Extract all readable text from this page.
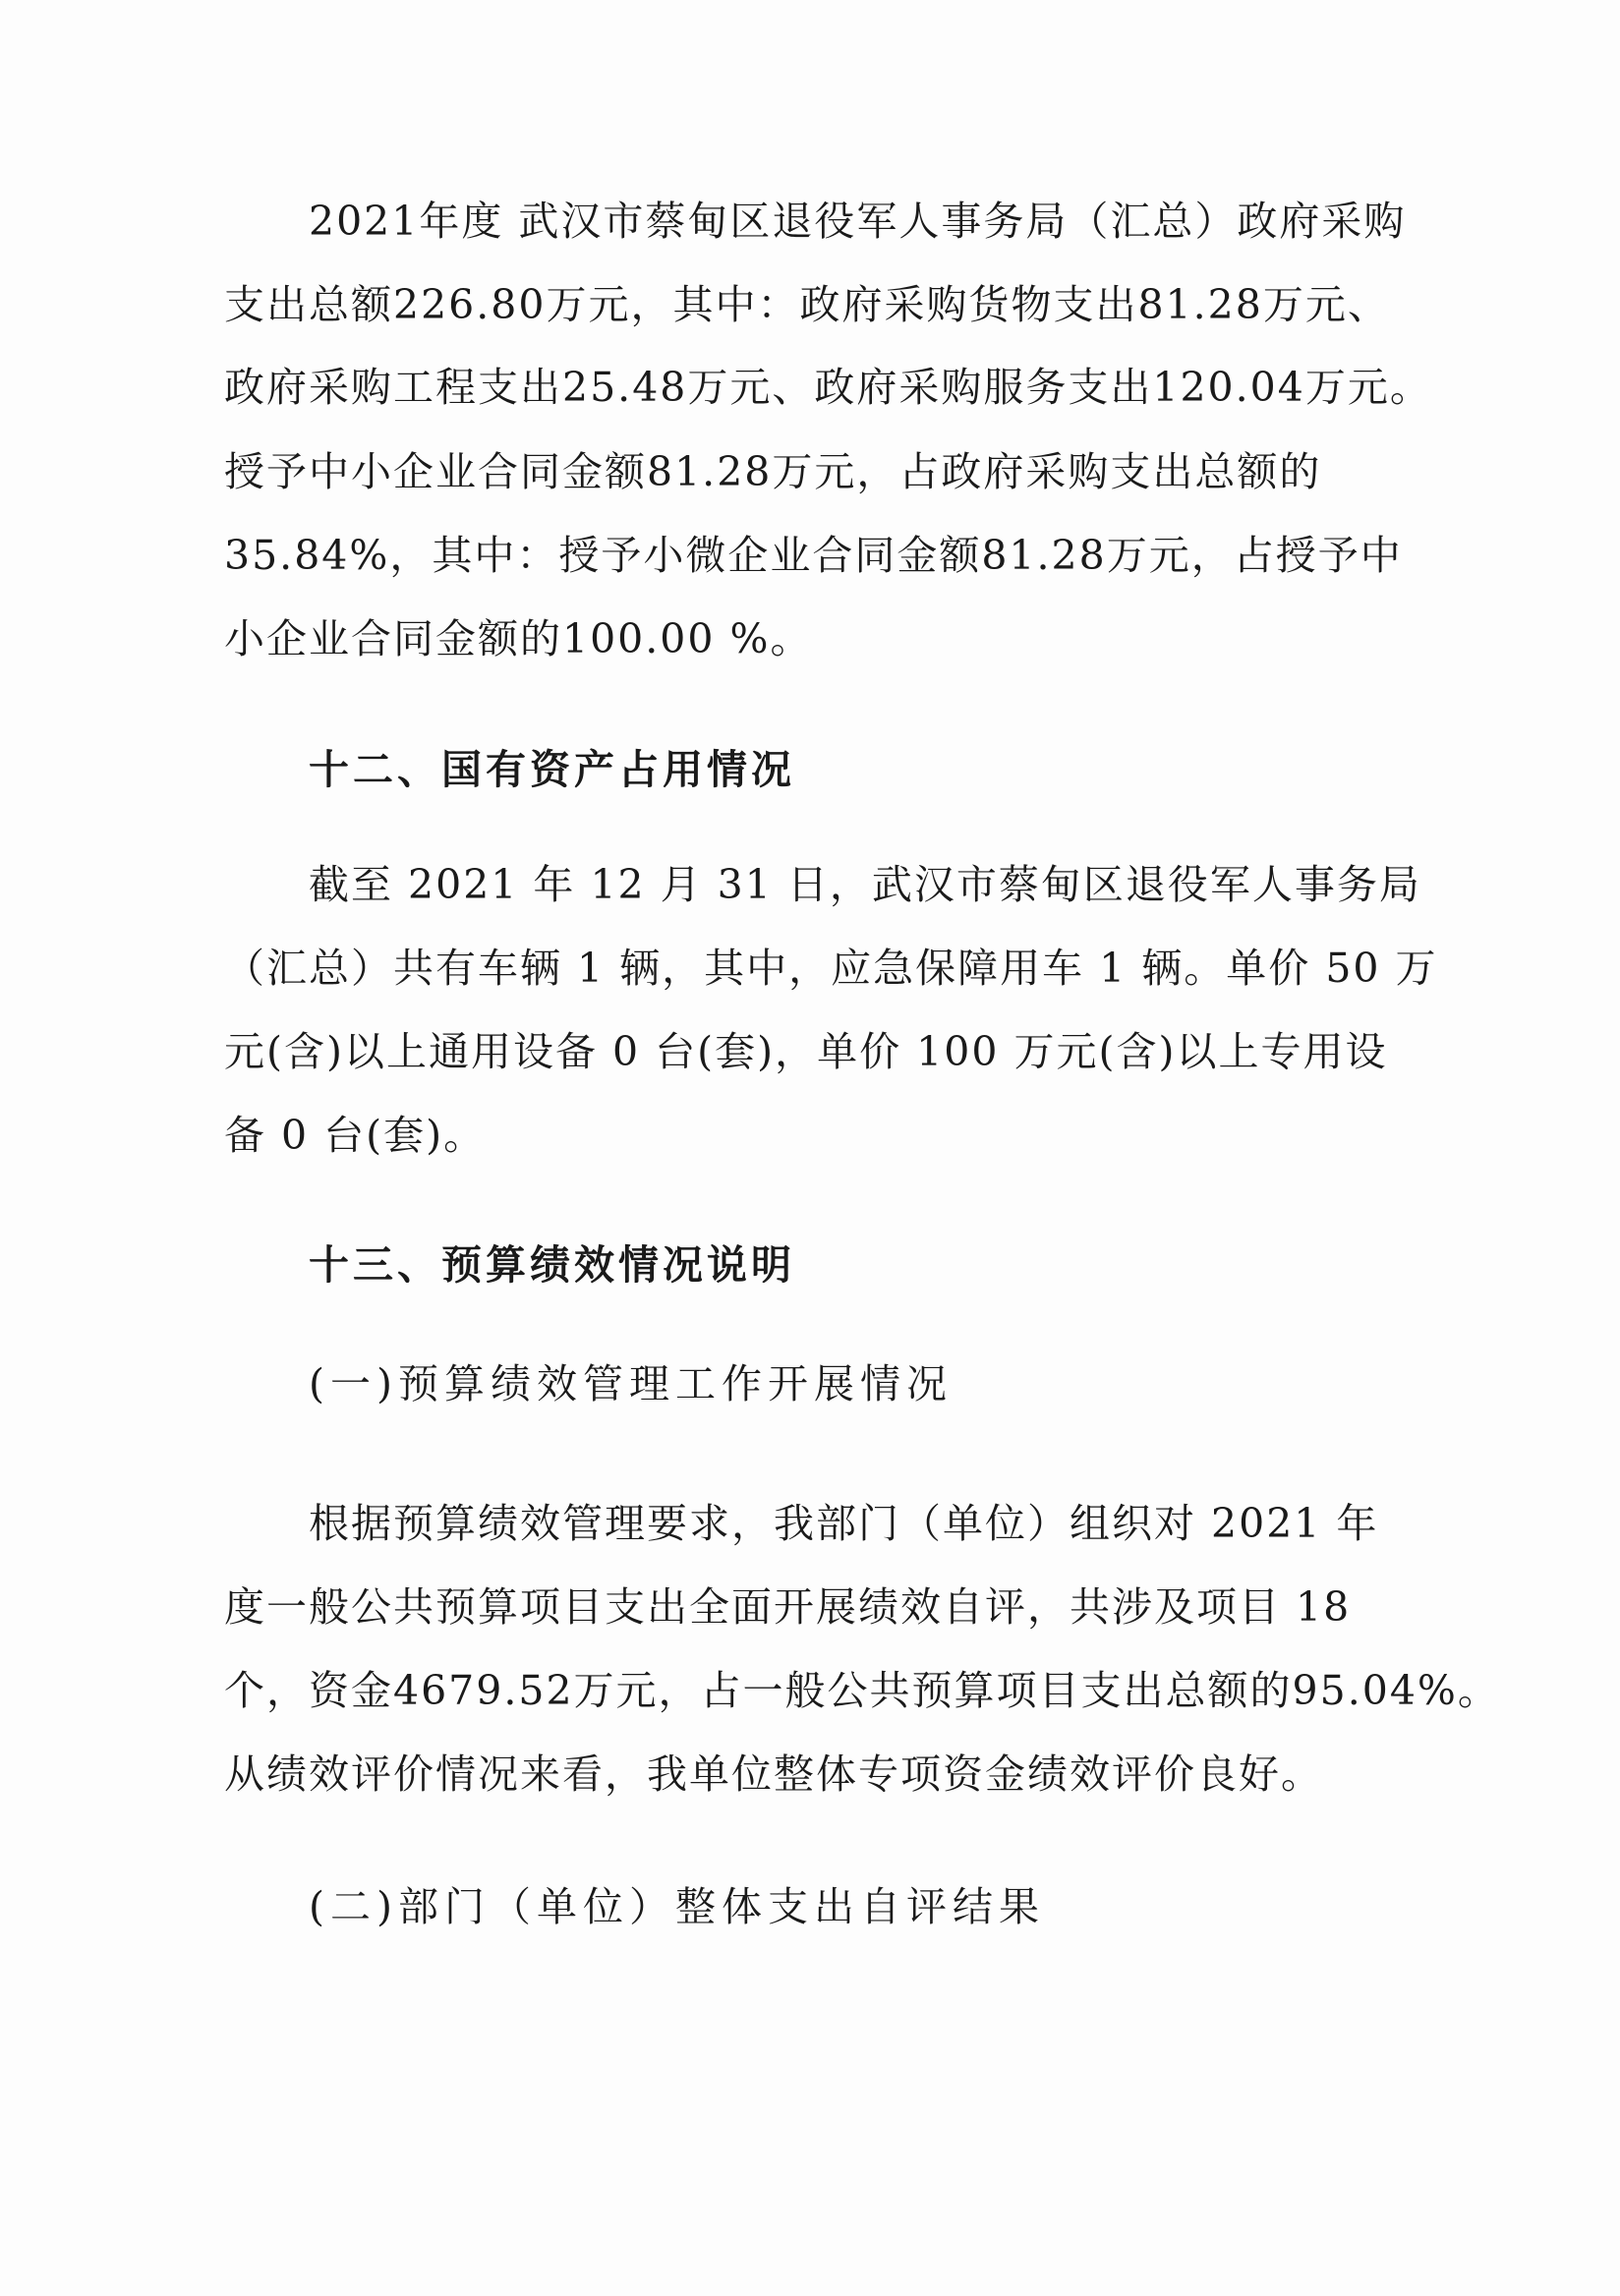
2021年度 武汉市蔡甸区退役军人事务局（汇总）政府采购
支出总额226.80万元，其中：政府采购货物支出81.28万元、
政府采购工程支出25.48万元、政府采购服务支出120.04万元。
授予中小企业合同金额81.28万元，占政府采购支出总额的
35.84%，其中：授予小微企业合同金额81.28万元，占授予中
小企业合同金额的100.00 %。
十二、国有资产占用情况
截至 2021 年 12 月 31 日，武汉市蔡甸区退役军人事务局
（汇总）共有车辆 1 辆，其中，应急保障用车 1 辆。单价 50 万
元(含)以上通用设备 0 台(套)，单价 100 万元(含)以上专用设
备 0 台(套)。
十三、预算绩效情况说明
(一)预算绩效管理工作开展情况
根据预算绩效管理要求，我部门（单位）组织对 2021 年
度一般公共预算项目支出全面开展绩效自评，共涉及项目 18
个，资金4679.52万元，占一般公共预算项目支出总额的95.04%。
从绩效评价情况来看，我单位整体专项资金绩效评价良好。
(二)部门（单位）整体支出自评结果
